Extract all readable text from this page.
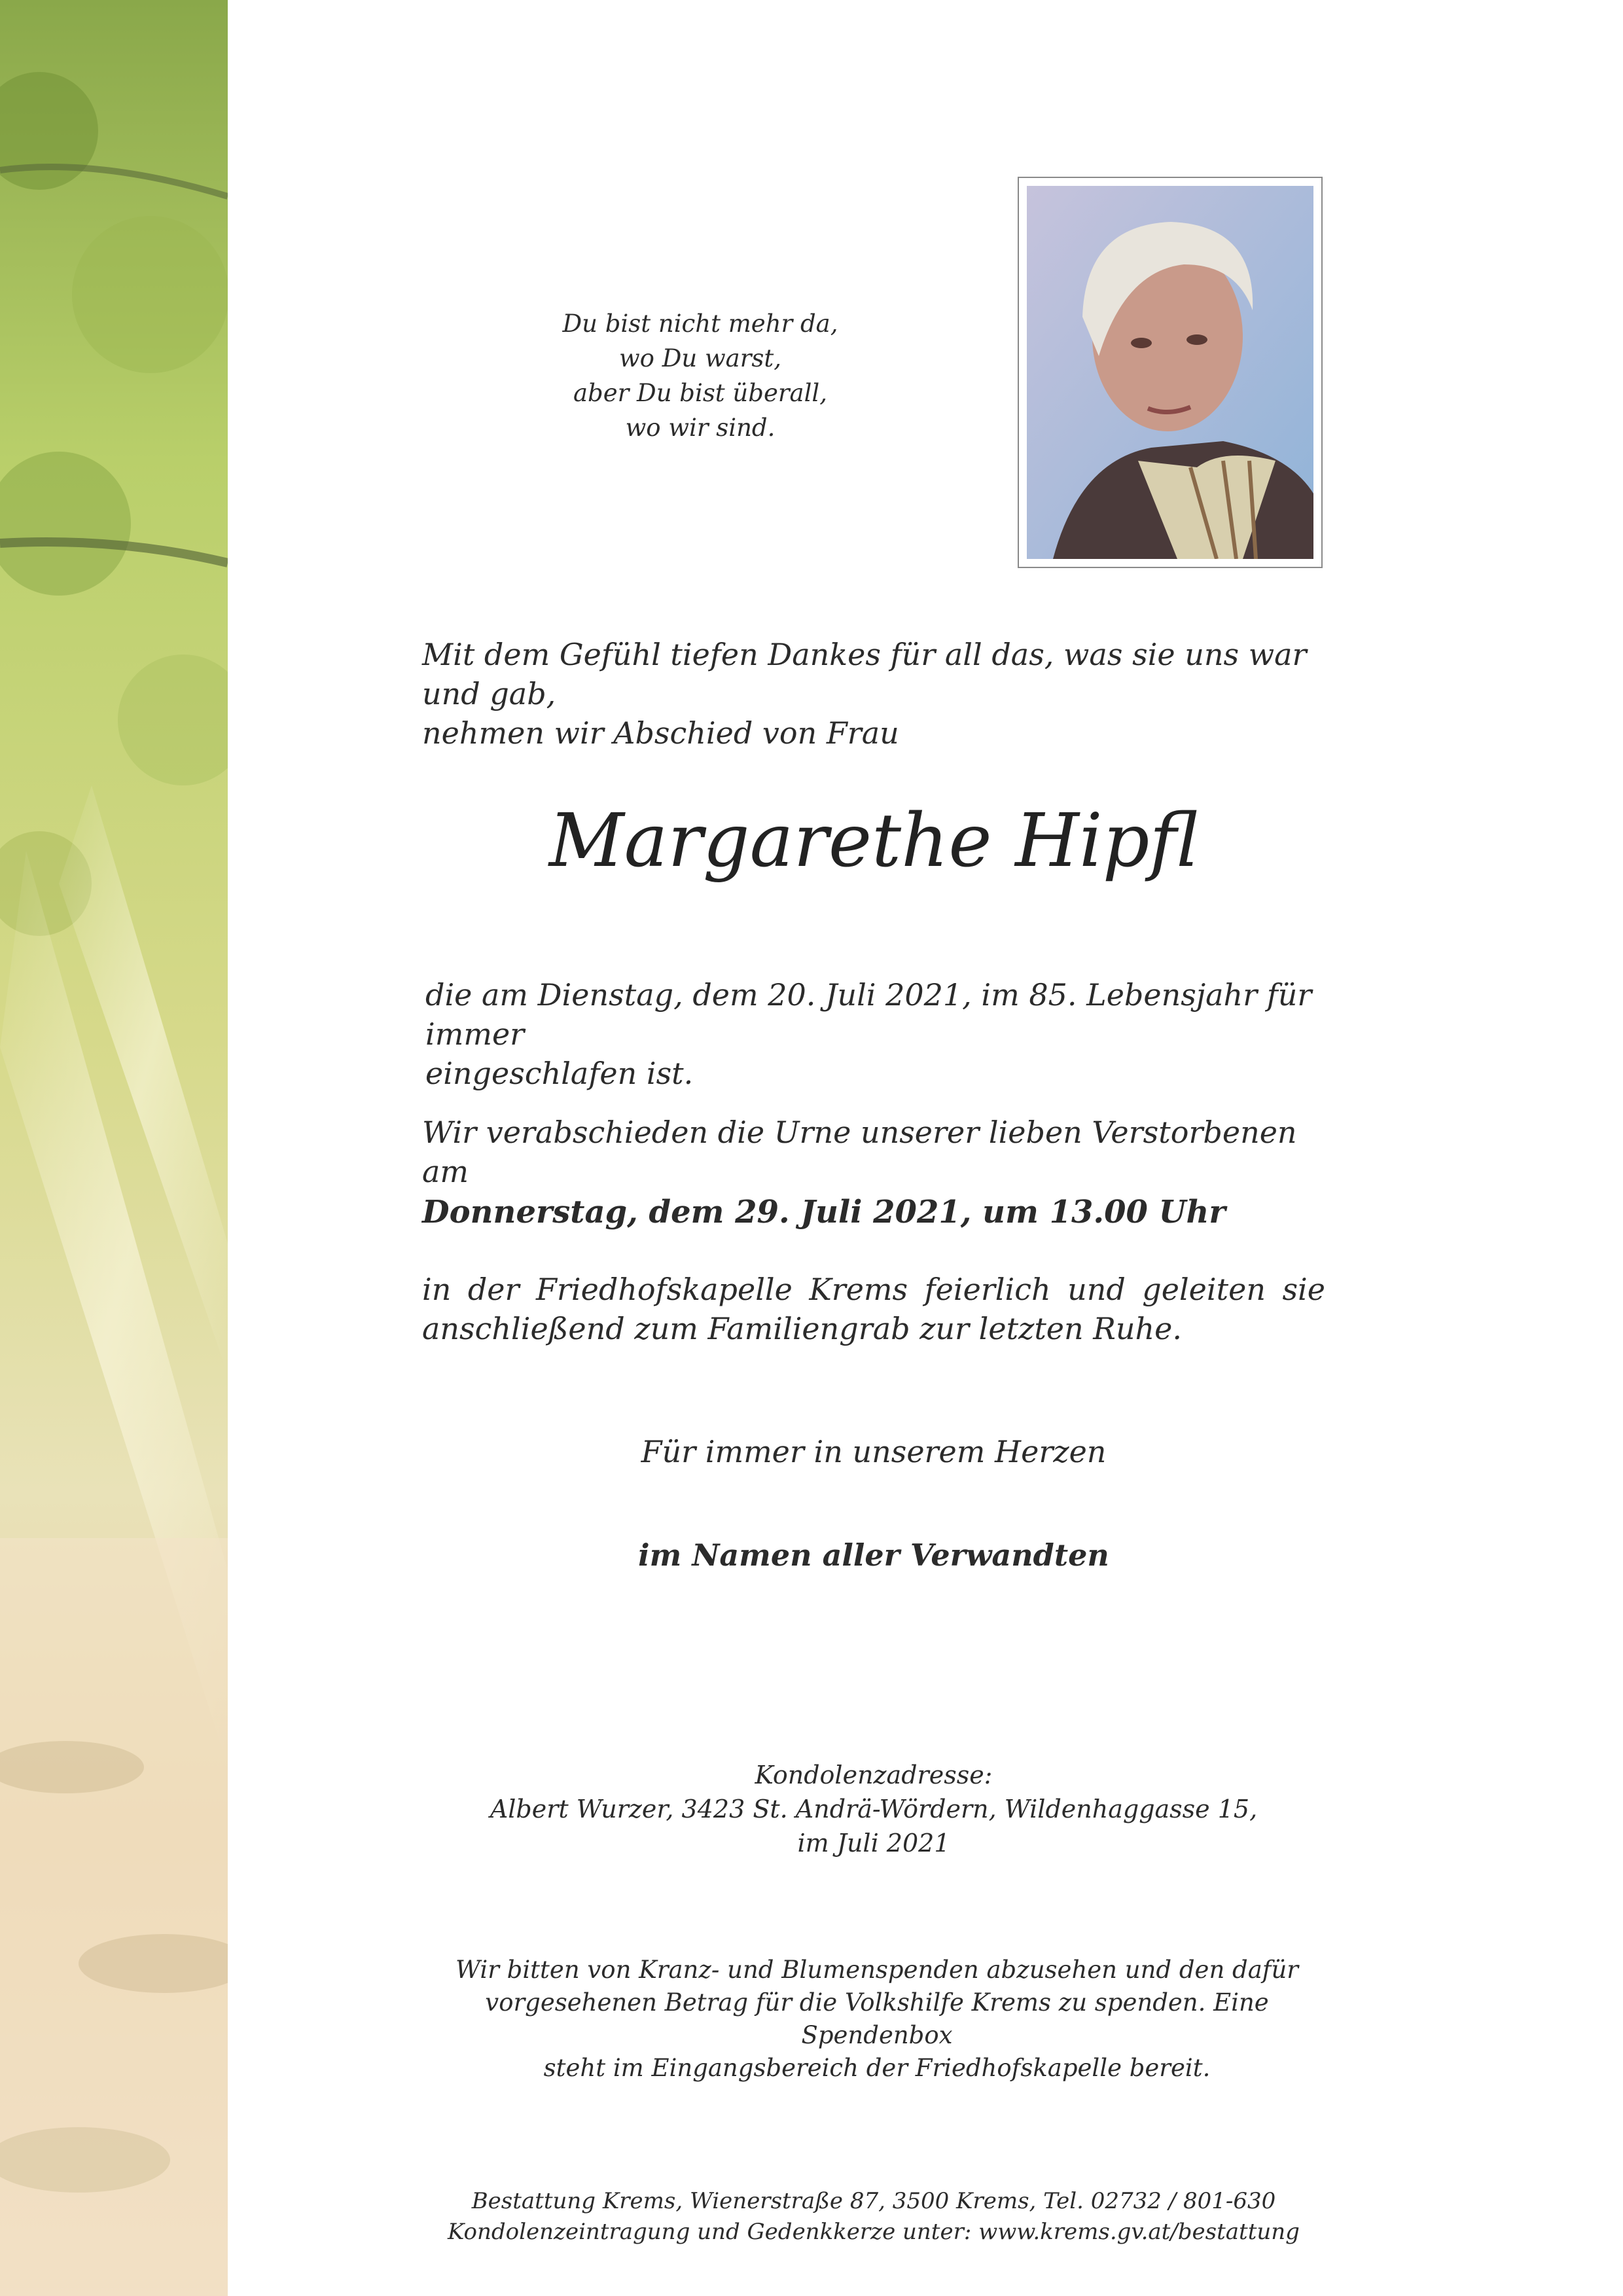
Du bist nicht mehr da,
wo Du warst,
aber Du bist überall,
wo wir sind.
Mit dem Gefühl tiefen Dankes für all das, was sie uns war und gab,
nehmen wir Abschied von Frau
Margarethe Hipfl
die am Dienstag, dem 20. Juli 2021, im 85. Lebensjahr für immer
eingeschlafen ist.
Wir verabschieden die Urne unserer lieben Verstorbenen am
Donnerstag, dem 29. Juli 2021, um 13.00 Uhr
in der Friedhofskapelle Krems feierlich und geleiten sie anschließend zum Familiengrab zur letzten Ruhe.
Für immer in unserem Herzen
im Namen aller Verwandten
Kondolenzadresse:
Albert Wurzer, 3423 St. Andrä-Wördern, Wildenhaggasse 15,
im Juli 2021
Wir bitten von Kranz- und Blumenspenden abzusehen und den dafür
vorgesehenen Betrag für die Volkshilfe Krems zu spenden. Eine Spendenbox
steht im Eingangsbereich der Friedhofskapelle bereit.
Bestattung Krems, Wienerstraße 87, 3500 Krems, Tel. 02732 / 801-630
Kondolenzeintragung und Gedenkkerze unter: www.krems.gv.at/bestattung
